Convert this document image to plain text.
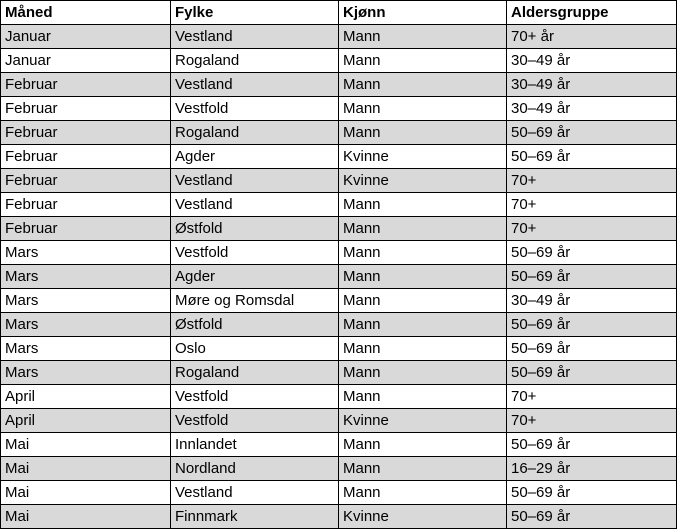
Måned	Fylke	Kjønn	Aldersgruppe
Januar	Vestland	Mann	70+ år
Januar	Rogaland	Mann	30–49 år
Februar	Vestland	Mann	30–49 år
Februar	Vestfold	Mann	30–49 år
Februar	Rogaland	Mann	50–69 år
Februar	Agder	Kvinne	50–69 år
Februar	Vestland	Kvinne	70+
Februar	Vestland	Mann	70+
Februar	Østfold	Mann	70+
Mars	Vestfold	Mann	50–69 år
Mars	Agder	Mann	50–69 år
Mars	Møre og Romsdal	Mann	30–49 år
Mars	Østfold	Mann	50–69 år
Mars	Oslo	Mann	50–69 år
Mars	Rogaland	Mann	50–69 år
April	Vestfold	Mann	70+
April	Vestfold	Kvinne	70+
Mai	Innlandet	Mann	50–69 år
Mai	Nordland	Mann	16–29 år
Mai	Vestland	Mann	50–69 år
Mai	Finnmark	Kvinne	50–69 år
